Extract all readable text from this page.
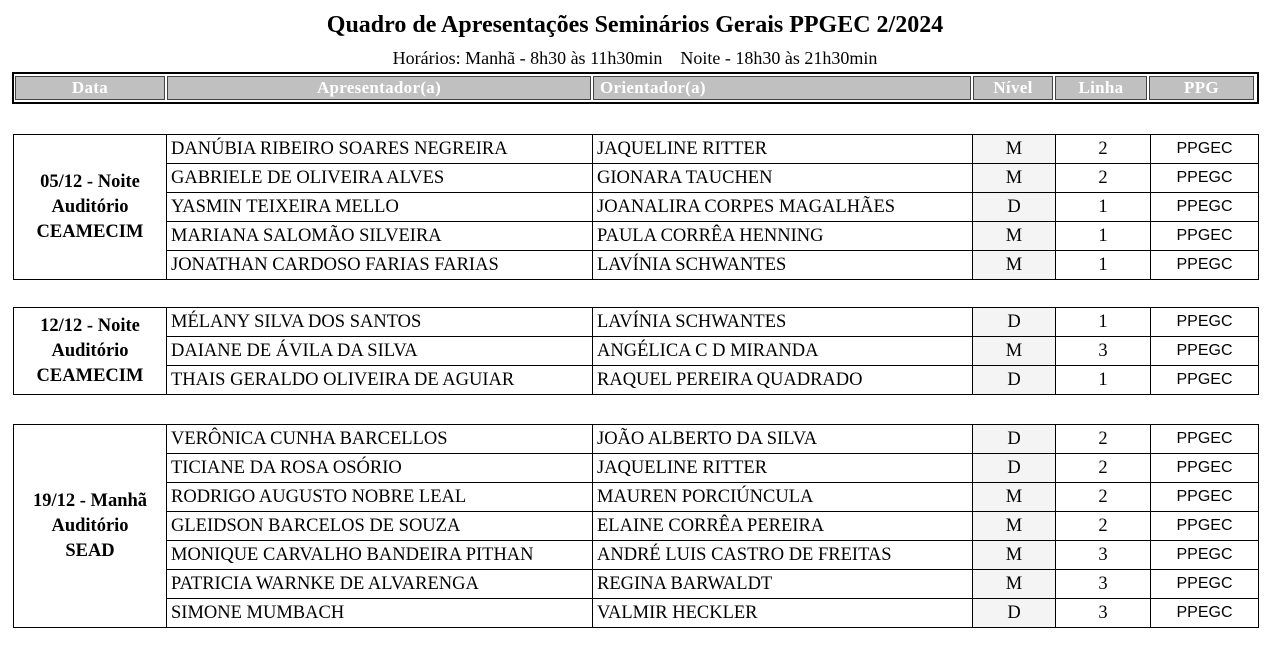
Quadro de Apresentações Seminários Gerais PPGEC 2/2024
Horários: Manhã - 8h30 às 11h30min    Noite - 18h30 às 21h30min
Data	Apresentador(a)	Orientador(a)	Nível	Linha	PPG
05/12 - Noite
Auditório
CEAMECIM	DANÚBIA RIBEIRO SOARES NEGREIRA	JAQUELINE RITTER	M	2	PPGEC
	GABRIELE DE OLIVEIRA ALVES	GIONARA TAUCHEN	M	2	PPEGC
	YASMIN TEIXEIRA MELLO	JOANALIRA CORPES MAGALHÃES	D	1	PPEGC
	MARIANA SALOMÃO SILVEIRA	PAULA CORRÊA HENNING	M	1	PPGEC
	JONATHAN CARDOSO FARIAS FARIAS	LAVÍNIA SCHWANTES	M	1	PPEGC
12/12 - Noite
Auditório
CEAMECIM	MÉLANY SILVA DOS SANTOS	LAVÍNIA SCHWANTES	D	1	PPEGC
	DAIANE DE ÁVILA DA SILVA	ANGÉLICA C D MIRANDA	M	3	PPEGC
	THAIS GERALDO OLIVEIRA DE AGUIAR	RAQUEL PEREIRA QUADRADO	D	1	PPGEC
19/12 - Manhã
Auditório
SEAD	VERÔNICA CUNHA BARCELLOS	JOÃO ALBERTO DA SILVA	D	2	PPGEC
	TICIANE DA ROSA OSÓRIO	JAQUELINE RITTER	D	2	PPGEC
	RODRIGO AUGUSTO NOBRE LEAL	MAUREN PORCIÚNCULA	M	2	PPGEC
	GLEIDSON BARCELOS DE SOUZA	ELAINE CORRÊA PEREIRA	M	2	PPGEC
	MONIQUE CARVALHO BANDEIRA PITHAN	ANDRÉ LUIS CASTRO DE FREITAS	M	3	PPEGC
	PATRICIA WARNKE DE ALVARENGA	REGINA BARWALDT	M	3	PPEGC
	SIMONE MUMBACH	VALMIR HECKLER	D	3	PPEGC
